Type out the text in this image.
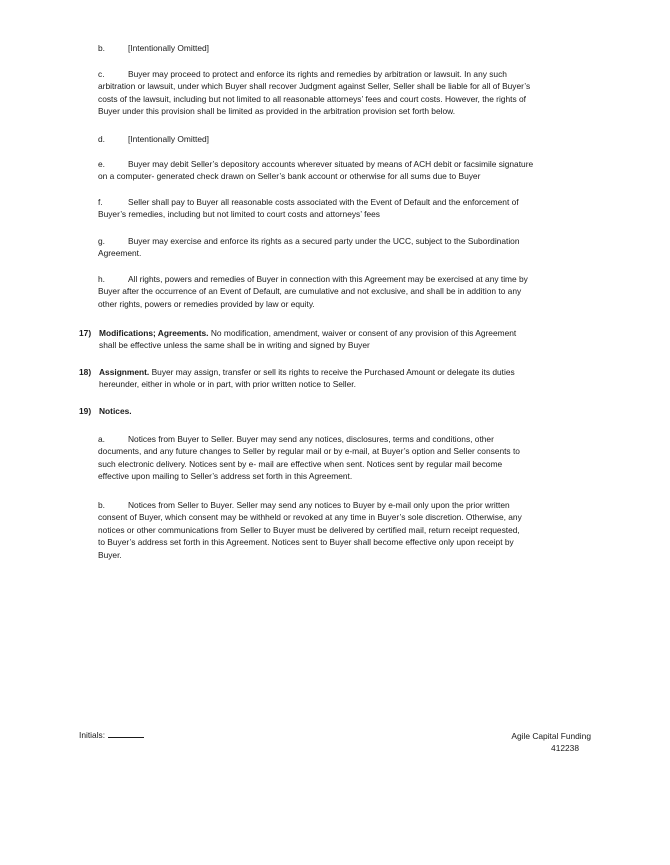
b.	[Intentionally Omitted]

c.	Buyer may proceed to protect and enforce its rights and remedies by arbitration or lawsuit. In any such
arbitration or lawsuit, under which Buyer shall recover Judgment against Seller, Seller shall be liable for all of Buyer’s
costs of the lawsuit, including but not limited to all reasonable attorneys’ fees and court costs. However, the rights of
Buyer under this provision shall be limited as provided in the arbitration provision set forth below.

d.	[Intentionally Omitted]

e.	Buyer may debit Seller’s depository accounts wherever situated by means of ACH debit or facsimile signature
on a computer- generated check drawn on Seller’s bank account or otherwise for all sums due to Buyer

f.	Seller shall pay to Buyer all reasonable costs associated with the Event of Default and the enforcement of
Buyer’s remedies, including but not limited to court costs and attorneys’ fees

g.	Buyer may exercise and enforce its rights as a secured party under the UCC, subject to the Subordination
Agreement.

h.	All rights, powers and remedies of Buyer in connection with this Agreement may be exercised at any time by
Buyer after the occurrence of an Event of Default, are cumulative and not exclusive, and shall be in addition to any
other rights, powers or remedies provided by law or equity.

17) Modifications; Agreements. No modification, amendment, waiver or consent of any provision of this Agreement
shall be effective unless the same shall be in writing and signed by Buyer

18) Assignment. Buyer may assign, transfer or sell its rights to receive the Purchased Amount or delegate its duties
hereunder, either in whole or in part, with prior written notice to Seller.

19) Notices.

a.	Notices from Buyer to Seller. Buyer may send any notices, disclosures, terms and conditions, other
documents, and any future changes to Seller by regular mail or by e-mail, at Buyer’s option and Seller consents to
such electronic delivery. Notices sent by e- mail are effective when sent. Notices sent by regular mail become
effective upon mailing to Seller’s address set forth in this Agreement.

b.	Notices from Seller to Buyer. Seller may send any notices to Buyer by e-mail only upon the prior written
consent of Buyer, which consent may be withheld or revoked at any time in Buyer’s sole discretion. Otherwise, any
notices or other communications from Seller to Buyer must be delivered by certified mail, return receipt requested,
to Buyer’s address set forth in this Agreement. Notices sent to Buyer shall become effective only upon receipt by
Buyer.

Initials:	Agile Capital Funding
412238
